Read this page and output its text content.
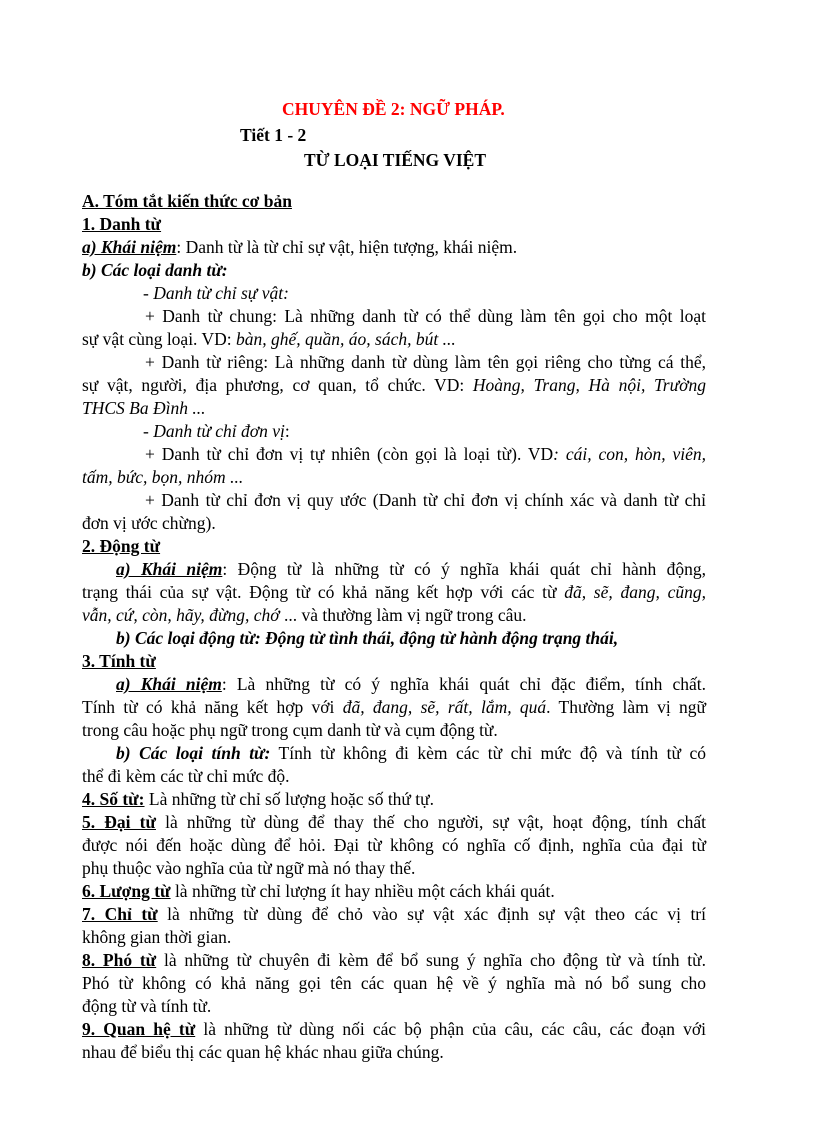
CHUYÊN ĐỀ 2: NGỮ PHÁP.
Tiết 1 - 2
TỪ LOẠI TIẾNG VIỆT
A. Tóm tắt kiến thức cơ bản
1. Danh từ
a) Khái niệm: Danh từ là từ chỉ sự vật, hiện tượng, khái niệm.
b) Các loại danh từ:
- Danh từ chỉ sự vật:
+ Danh từ chung: Là những danh từ có thể dùng làm tên gọi cho một loạt
sự vật cùng loại. VD: bàn, ghế, quần, áo, sách, bút ...
+ Danh từ riêng: Là những danh từ dùng làm tên gọi riêng cho từng cá thể,
sự vật, người, địa phương, cơ quan, tổ chức. VD: Hoàng, Trang, Hà nội, Trường
THCS Ba Đình ...
- Danh từ chỉ đơn vị:
+ Danh từ chỉ đơn vị tự nhiên (còn gọi là loại từ). VD: cái, con, hòn, viên,
tấm, bức, bọn, nhóm ...
+ Danh từ chỉ đơn vị quy ước (Danh từ chỉ đơn vị chính xác và danh từ chỉ
đơn vị ước chừng).
2. Động từ
a) Khái niệm: Động từ là những từ có ý nghĩa khái quát chỉ hành động,
trạng thái của sự vật. Động từ có khả năng kết hợp với các từ đã, sẽ, đang, cũng,
vẫn, cứ, còn, hãy, đừng, chớ ... và thường làm vị ngữ trong câu.
b) Các loại động từ: Động từ tình thái, động từ hành động trạng thái,
3. Tính từ
a) Khái niệm: Là những từ có ý nghĩa khái quát chỉ đặc điểm, tính chất.
Tính từ có khả năng kết hợp với đã, đang, sẽ, rất, lắm, quá. Thường làm vị ngữ
trong câu hoặc phụ ngữ trong cụm danh từ và cụm động từ.
b) Các loại tính từ: Tính từ không đi kèm các từ chỉ mức độ và tính từ có
thể đi kèm các từ chỉ mức độ.
4. Số từ: Là những từ chỉ số lượng hoặc số thứ tự.
5. Đại từ là những từ dùng để thay thế cho người, sự vật, hoạt động, tính chất
được nói đến hoặc dùng để hỏi. Đại từ không có nghĩa cố định, nghĩa của đại từ
phụ thuộc vào nghĩa của từ ngữ mà nó thay thế.
6. Lượng từ là những từ chỉ lượng ít hay nhiều một cách khái quát.
7. Chỉ từ là những từ dùng để chỏ vào sự vật xác định sự vật theo các vị trí
không gian thời gian.
8. Phó từ là những từ chuyên đi kèm để bổ sung ý nghĩa cho động từ và tính từ.
Phó từ không có khả năng gọi tên các quan hệ về ý nghĩa mà nó bổ sung cho
động từ và tính từ.
9. Quan hệ từ là những từ dùng nối các bộ phận của câu, các câu, các đoạn với
nhau để biểu thị các quan hệ khác nhau giữa chúng.
